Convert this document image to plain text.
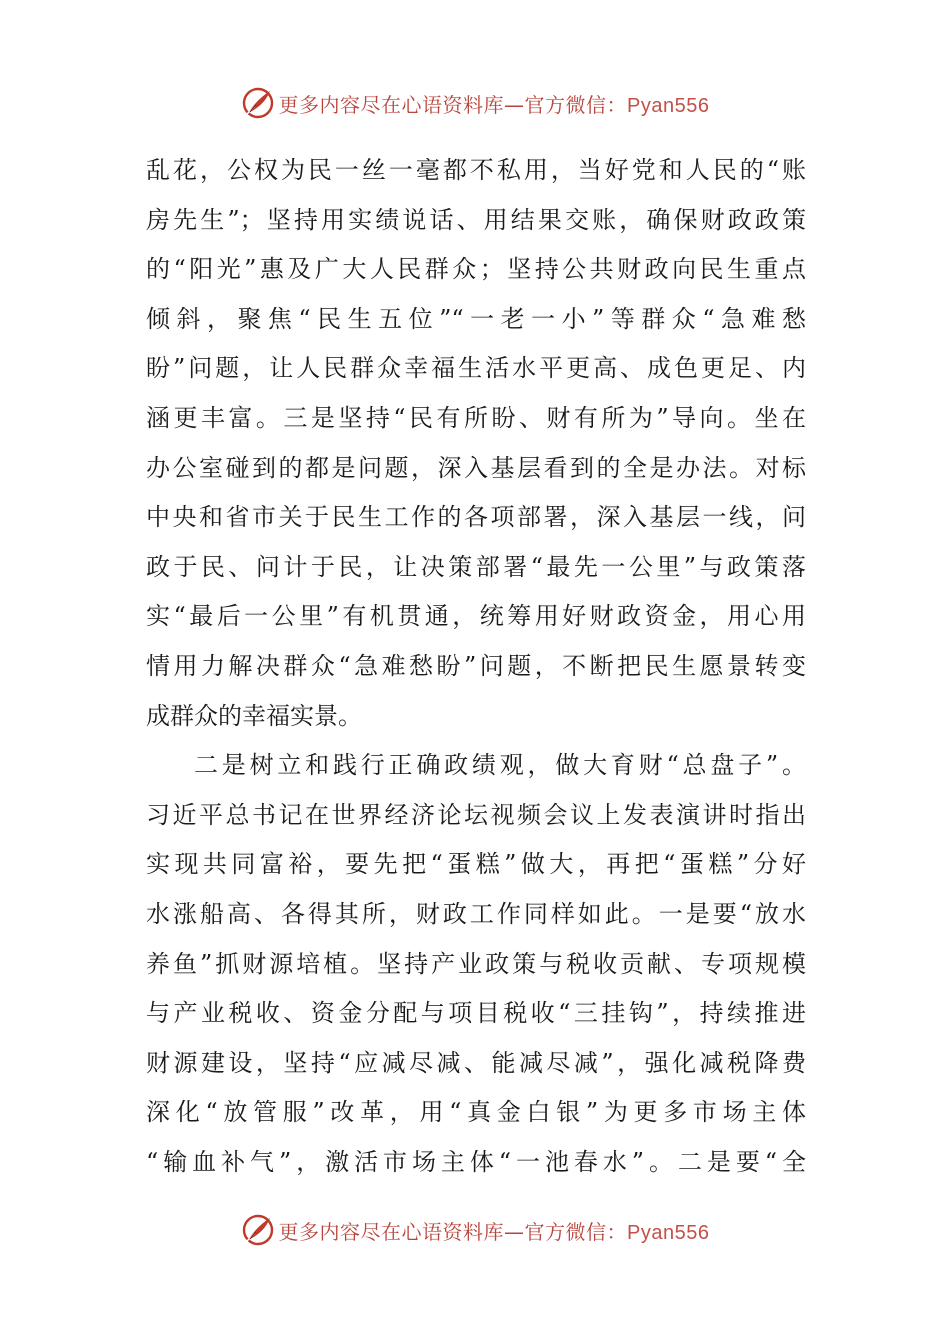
更多内容尽在心语资料库—官方微信：Pyan556
乱花，公权为民一丝一毫都不私用，当好党和人民的“账
房先生”；坚持用实绩说话、用结果交账，确保财政政策
的“阳光”惠及广大人民群众；坚持公共财政向民生重点
倾斜，聚焦“民生五位”“一老一小”等群众“急难愁
盼”问题，让人民群众幸福生活水平更高、成色更足、内
涵更丰富。三是坚持“民有所盼、财有所为”导向。坐在
办公室碰到的都是问题，深入基层看到的全是办法。对标
中央和省市关于民生工作的各项部署，深入基层一线，问
政于民、问计于民，让决策部署“最先一公里”与政策落
实“最后一公里”有机贯通，统筹用好财政资金，用心用
情用力解决群众“急难愁盼”问题，不断把民生愿景转变
成群众的幸福实景。
二是树立和践行正确政绩观，做大育财“总盘子”。
习近平总书记在世界经济论坛视频会议上发表演讲时指出
实现共同富裕，要先把“蛋糕”做大，再把“蛋糕”分好
水涨船高、各得其所，财政工作同样如此。一是要“放水
养鱼”抓财源培植。坚持产业政策与税收贡献、专项规模
与产业税收、资金分配与项目税收“三挂钩”，持续推进
财源建设，坚持“应减尽减、能减尽减”，强化减税降费
深化“放管服”改革，用“真金白银”为更多市场主体
“输血补气”，激活市场主体“一池春水”。二是要“全
更多内容尽在心语资料库—官方微信：Pyan556
